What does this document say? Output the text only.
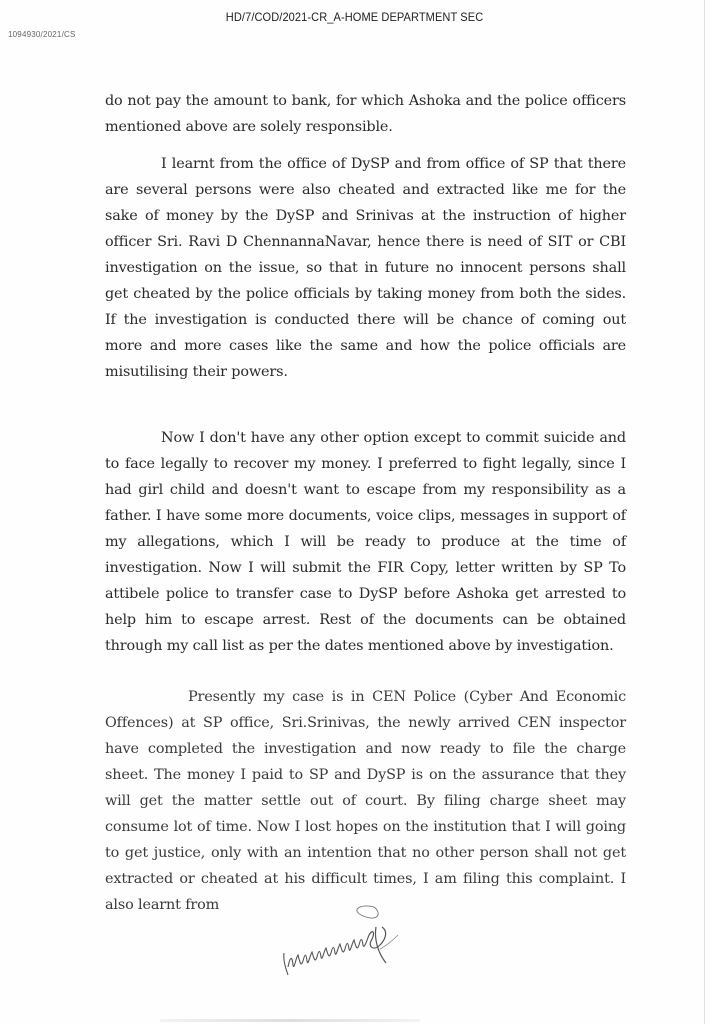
HD/7/COD/2021-CR_A-HOME DEPARTMENT SEC
1094930/2021/CS

do not pay the amount to bank, for which Ashoka and the police officers mentioned above are solely responsible.

I learnt from the office of DySP and from office of SP that there are several persons were also cheated and extracted like me for the sake of money by the DySP and Srinivas at the instruction of higher officer Sri. Ravi D ChennannaNavar, hence there is need of SIT or CBI investigation on the issue, so that in future no innocent persons shall get cheated by the police officials by taking money from both the sides. If the investigation is conducted there will be chance of coming out more and more cases like the same and how the police officials are misutilising their powers.

Now I don't have any other option except to commit suicide and to face legally to recover my money. I preferred to fight legally, since I had girl child and doesn't want to escape from my responsibility as a father. I have some more documents, voice clips, messages in support of my allegations, which I will be ready to produce at the time of investigation. Now I will submit the FIR Copy, letter written by SP To attibele police to transfer case to DySP before Ashoka get arrested to help him to escape arrest. Rest of the documents can be obtained through my call list as per the dates mentioned above by investigation.

Presently my case is in CEN Police (Cyber And Economic Offences) at SP office, Sri.Srinivas, the newly arrived CEN inspector have completed the investigation and now ready to file the charge sheet. The money I paid to SP and DySP is on the assurance that they will get the matter settle out of court. By filing charge sheet may consume lot of time. Now I lost hopes on the institution that I will going to get justice, only with an intention that no other person shall not get extracted or cheated at his difficult times, I am filing this complaint. I also learnt from
